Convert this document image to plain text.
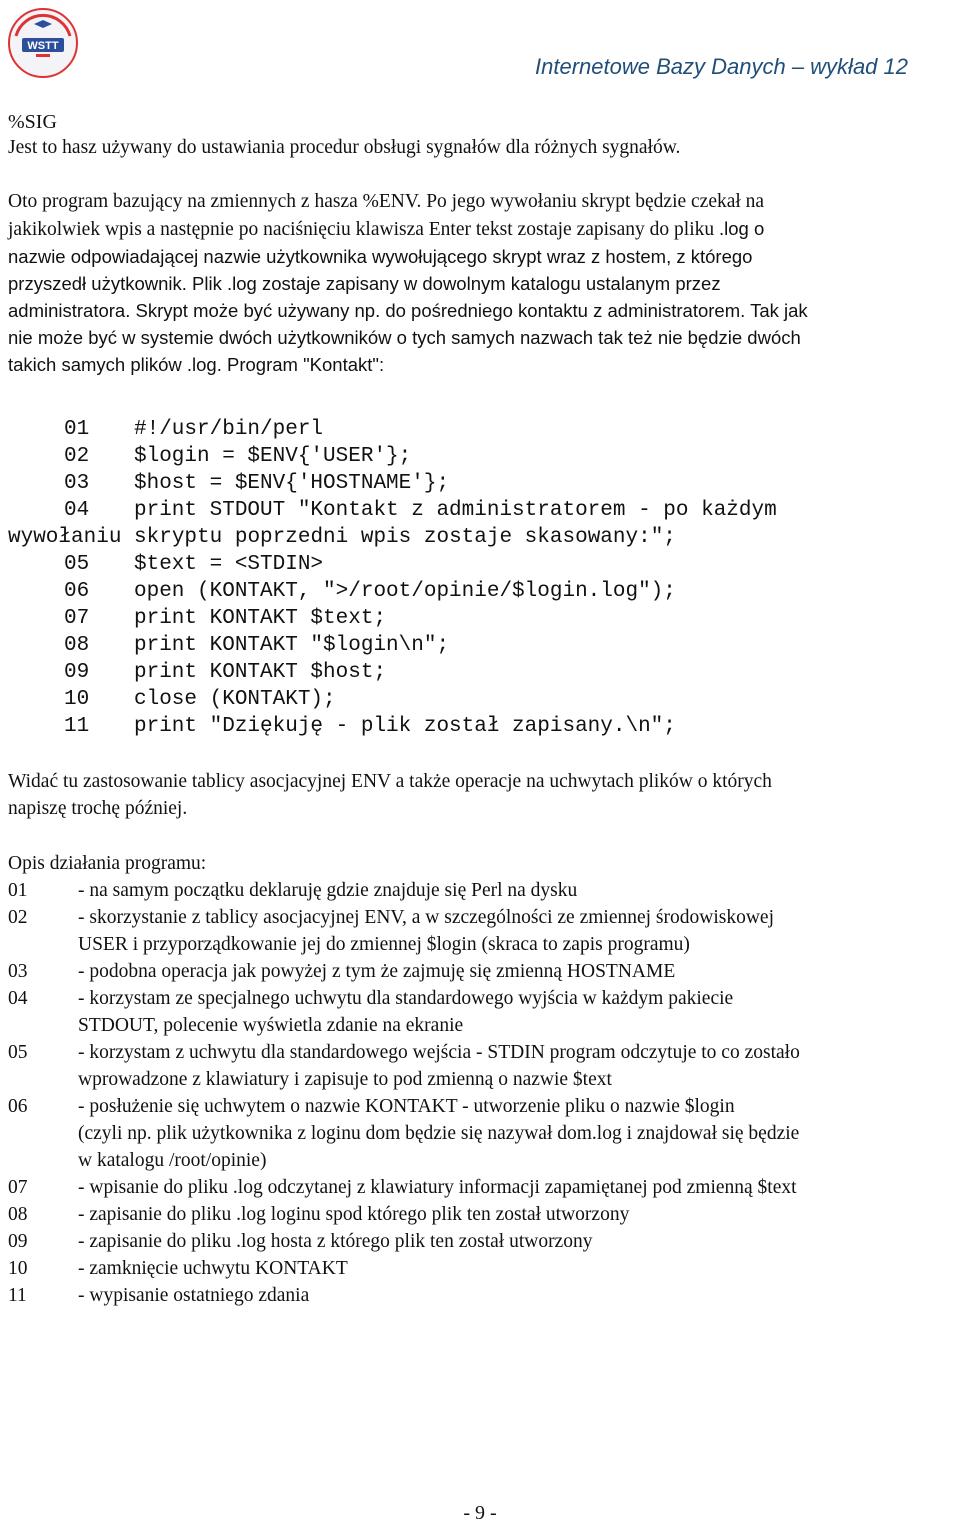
WSTT
Internetowe Bazy Danych – wykład 12
%SIG

Jest to hasz używany do ustawiania procedur obsługi sygnałów dla różnych sygnałów.

Oto program bazujący na zmiennych z hasza %ENV. Po jego wywołaniu skrypt będzie czekał na

jakikolwiek wpis a następnie po naciśnięciu klawisza Enter tekst zostaje zapisany do pliku .log o

nazwie odpowiadającej nazwie użytkownika wywołującego skrypt wraz z hostem, z którego

przyszedł użytkownik. Plik .log zostaje zapisany w dowolnym katalogu ustalanym przez

administratora. Skrypt może być używany np. do pośredniego kontaktu z administratorem. Tak jak

nie może być w systemie dwóch użytkowników o tych samych nazwach tak też nie będzie dwóch

takich samych plików .log. Program "Kontakt":

01 #!/usr/bin/perl
02 $login = $ENV{'USER'};
03 $host = $ENV{'HOSTNAME'};
04 print STDOUT "Kontakt z administratorem - po każdym
wywołaniu skryptu poprzedni wpis zostaje skasowany:";
05 $text = <STDIN>
06 open (KONTAKT, ">/root/opinie/$login.log");
07 print KONTAKT $text;
08 print KONTAKT "$login\n";
09 print KONTAKT $host;
10 close (KONTAKT);
11 print "Dziękuję - plik został zapisany.\n";

Widać tu zastosowanie tablicy asocjacyjnej ENV a także operacje na uchwytach plików o których

napiszę trochę później.

Opis działania programu:

01	- na samym początku deklaruję gdzie znajduje się Perl na dysku
02	- skorzystanie z tablicy asocjacyjnej ENV, a w szczególności ze zmiennej środowiskowej
USER i przyporządkowanie jej do zmiennej $login (skraca to zapis programu)
03	- podobna operacja jak powyżej z tym że zajmuję się zmienną HOSTNAME
04	- korzystam ze specjalnego uchwytu dla standardowego wyjścia w każdym pakiecie
STDOUT, polecenie wyświetla zdanie na ekranie
05	- korzystam z uchwytu dla standardowego wejścia - STDIN program odczytuje to co zostało
wprowadzone z klawiatury i zapisuje to pod zmienną o nazwie $text
06	- posłużenie się uchwytem o nazwie KONTAKT - utworzenie pliku o nazwie $login
(czyli np. plik użytkownika z loginu dom będzie się nazywał dom.log i znajdował się będzie
w katalogu /root/opinie)
07	- wpisanie do pliku .log odczytanej z klawiatury informacji zapamiętanej pod zmienną $text
08	- zapisanie do pliku .log loginu spod którego plik ten został utworzony
09	- zapisanie do pliku .log hosta z którego plik ten został utworzony
10	- zamknięcie uchwytu KONTAKT
11	- wypisanie ostatniego zdania
- 9 -
